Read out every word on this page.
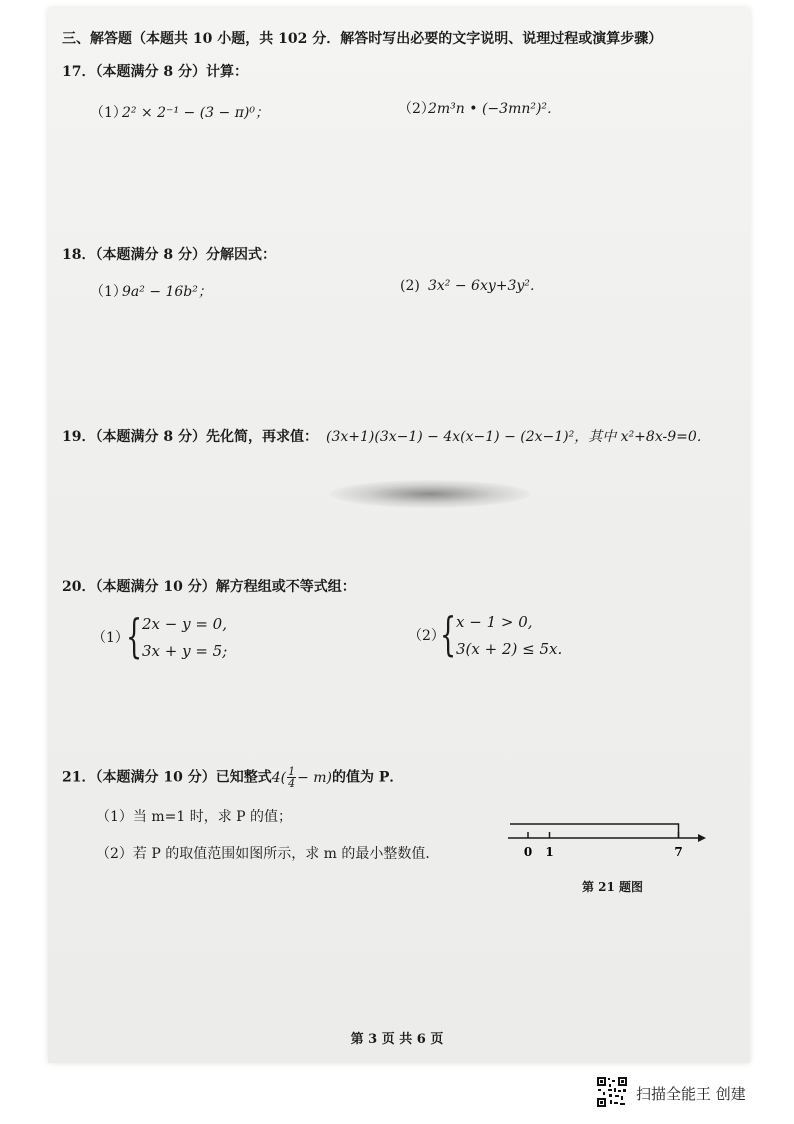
三、解答题（本题共 10 小题，共 102 分．解答时写出必要的文字说明、说理过程或演算步骤）
17．（本题满分 8 分）计算：
（1）
2² × 2⁻¹ − (3 − π)⁰；	（2）
2m³n • (−3mn²)²．
18．（本题满分 8 分）分解因式：
（1）
9a² − 16b²；	(2) 3x² − 6xy+3y²．
19．（本题满分 8 分）先化简，再求值： (3x+1)(3x−1) − 4x(x−1) − (2x−1)²，其中 x²+8x-9=0．
20．（本题满分 10 分）解方程组或不等式组：
（1）
{ 2x − y = 0,
3x + y = 5;
（2）
{ x − 1 > 0,
3(x + 2) ≤ 5x.
21．（本题满分 10 分）已知整式$4( \frac{1}{4} - m)$的值为 P．
（1）当 m=1 时，求 P 的值；
（2）若 P 的取值范围如图所示，求 m 的最小整数值．	0 1	7
第 21 题图
第 3 页 共 6 页
扫描全能王 创建
